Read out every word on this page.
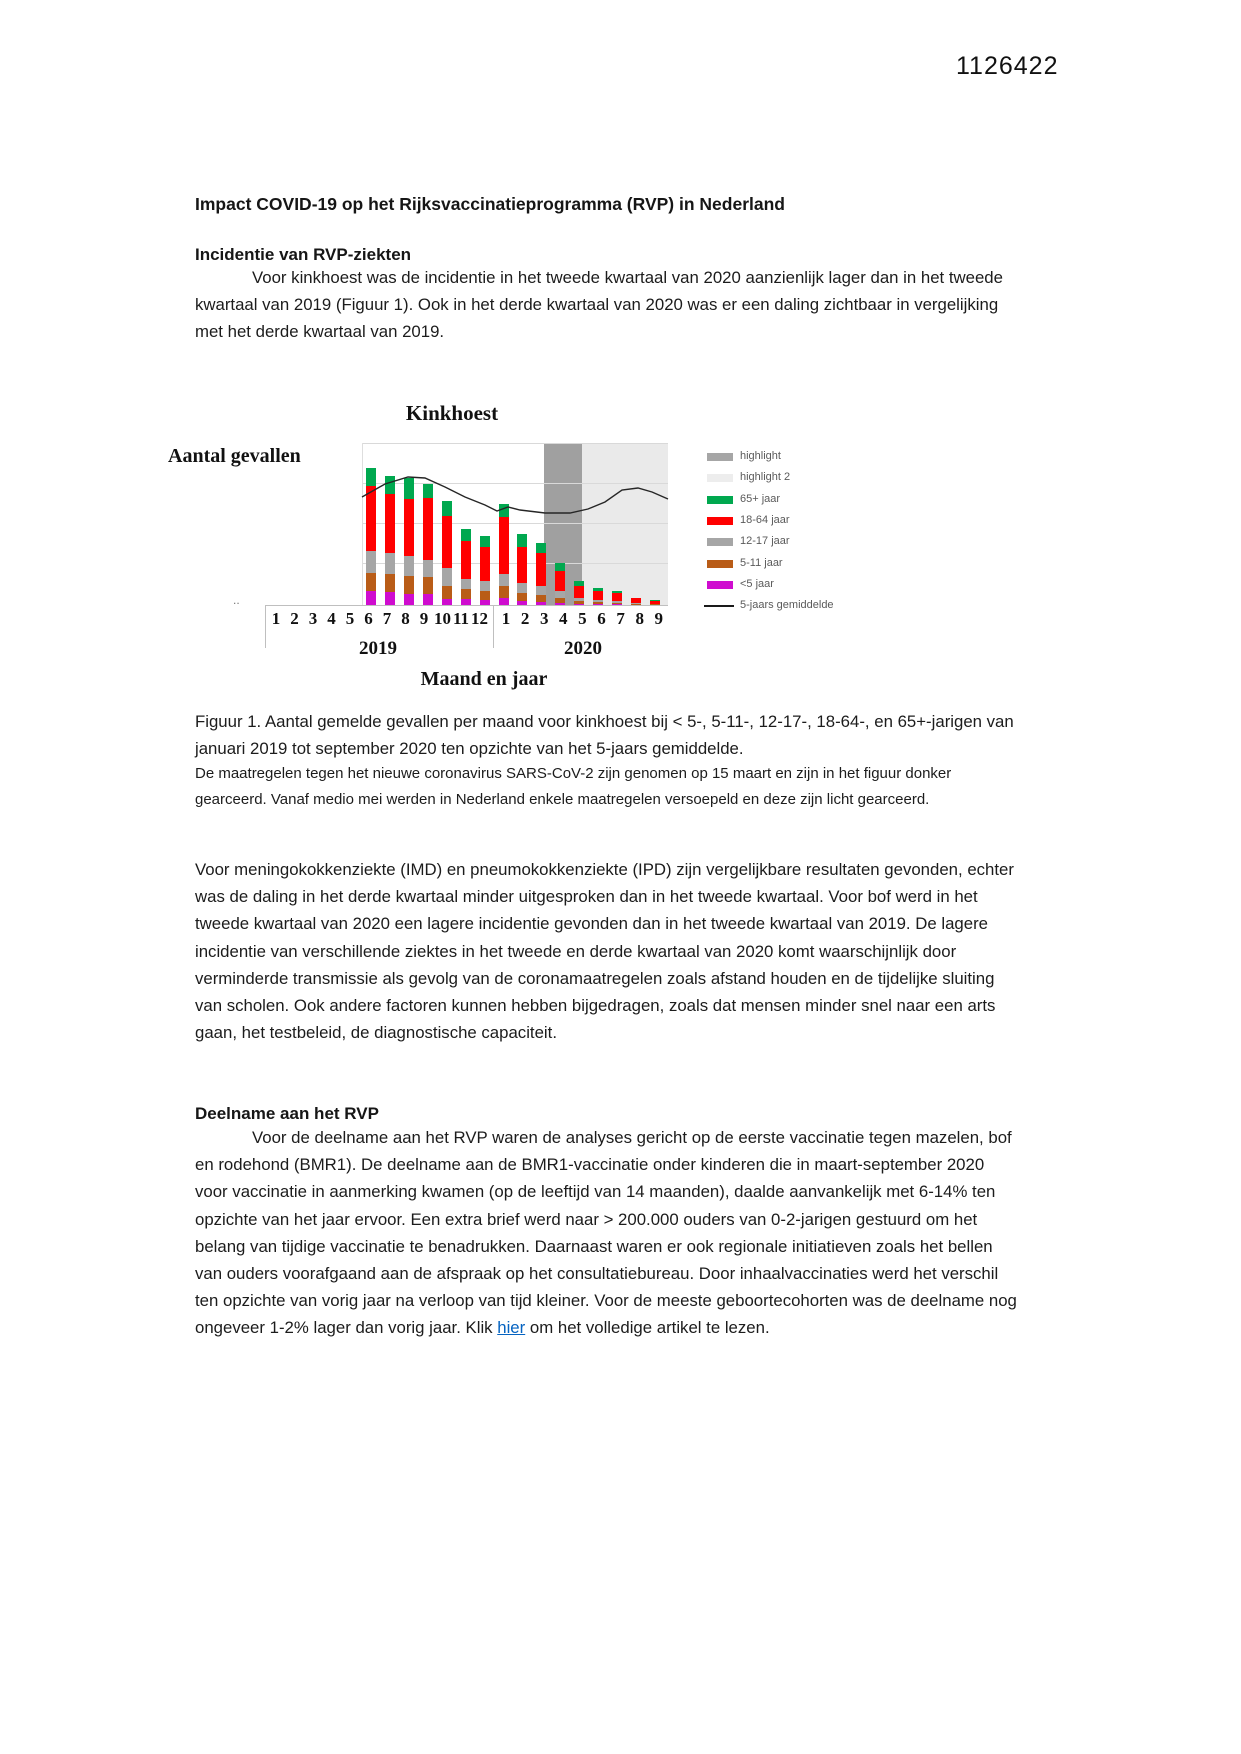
1126422
Impact COVID-19 op het Rijksvaccinatieprogramma (RVP) in Nederland
Incidentie van RVP-ziekten
Voor kinkhoest was de incidentie in het tweede kwartaal van 2020 aanzienlijk lager dan in het tweede kwartaal van 2019 (Figuur 1). Ook in het derde kwartaal van 2020 was er een daling zichtbaar in vergelijking met het derde kwartaal van 2019.
Kinkhoest
Aantal gevallen
Maand en jaar
..
1 2 3 4 5 6 7 8 9 10 11 12 1 2 3 4 5 6 7 8 9
2019	2020
highlight
highlight 2
65+ jaar
18-64 jaar
12-17 jaar
5-11 jaar
<5 jaar
5-jaars gemiddelde
Figuur 1. Aantal gemelde gevallen per maand voor kinkhoest bij < 5-, 5-11-, 12-17-, 18-64-, en 65+-jarigen van januari 2019 tot september 2020 ten opzichte van het 5-jaars gemiddelde.
De maatregelen tegen het nieuwe coronavirus SARS-CoV-2 zijn genomen op 15 maart en zijn in het figuur donker gearceerd. Vanaf medio mei werden in Nederland enkele maatregelen versoepeld en deze zijn licht gearceerd.
Voor meningokokkenziekte (IMD) en pneumokokkenziekte (IPD) zijn vergelijkbare resultaten gevonden, echter was de daling in het derde kwartaal minder uitgesproken dan in het tweede kwartaal. Voor bof werd in het tweede kwartaal van 2020 een lagere incidentie gevonden dan in het tweede kwartaal van 2019. De lagere incidentie van verschillende ziektes in het tweede en derde kwartaal van 2020 komt waarschijnlijk door verminderde transmissie als gevolg van de coronamaatregelen zoals afstand houden en de tijdelijke sluiting van scholen. Ook andere factoren kunnen hebben bijgedragen, zoals dat mensen minder snel naar een arts gaan, het testbeleid, de diagnostische capaciteit.
Deelname aan het RVP
Voor de deelname aan het RVP waren de analyses gericht op de eerste vaccinatie tegen mazelen, bof en rodehond (BMR1). De deelname aan de BMR1-vaccinatie onder kinderen die in maart-september 2020 voor vaccinatie in aanmerking kwamen (op de leeftijd van 14 maanden), daalde aanvankelijk met 6-14% ten opzichte van het jaar ervoor. Een extra brief werd naar > 200.000 ouders van 0-2-jarigen gestuurd om het belang van tijdige vaccinatie te benadrukken. Daarnaast waren er ook regionale initiatieven zoals het bellen van ouders voorafgaand aan de afspraak op het consultatiebureau. Door inhaalvaccinaties werd het verschil ten opzichte van vorig jaar na verloop van tijd kleiner. Voor de meeste geboortecohorten was de deelname nog ongeveer 1-2% lager dan vorig jaar. Klik hier om het volledige artikel te lezen.
